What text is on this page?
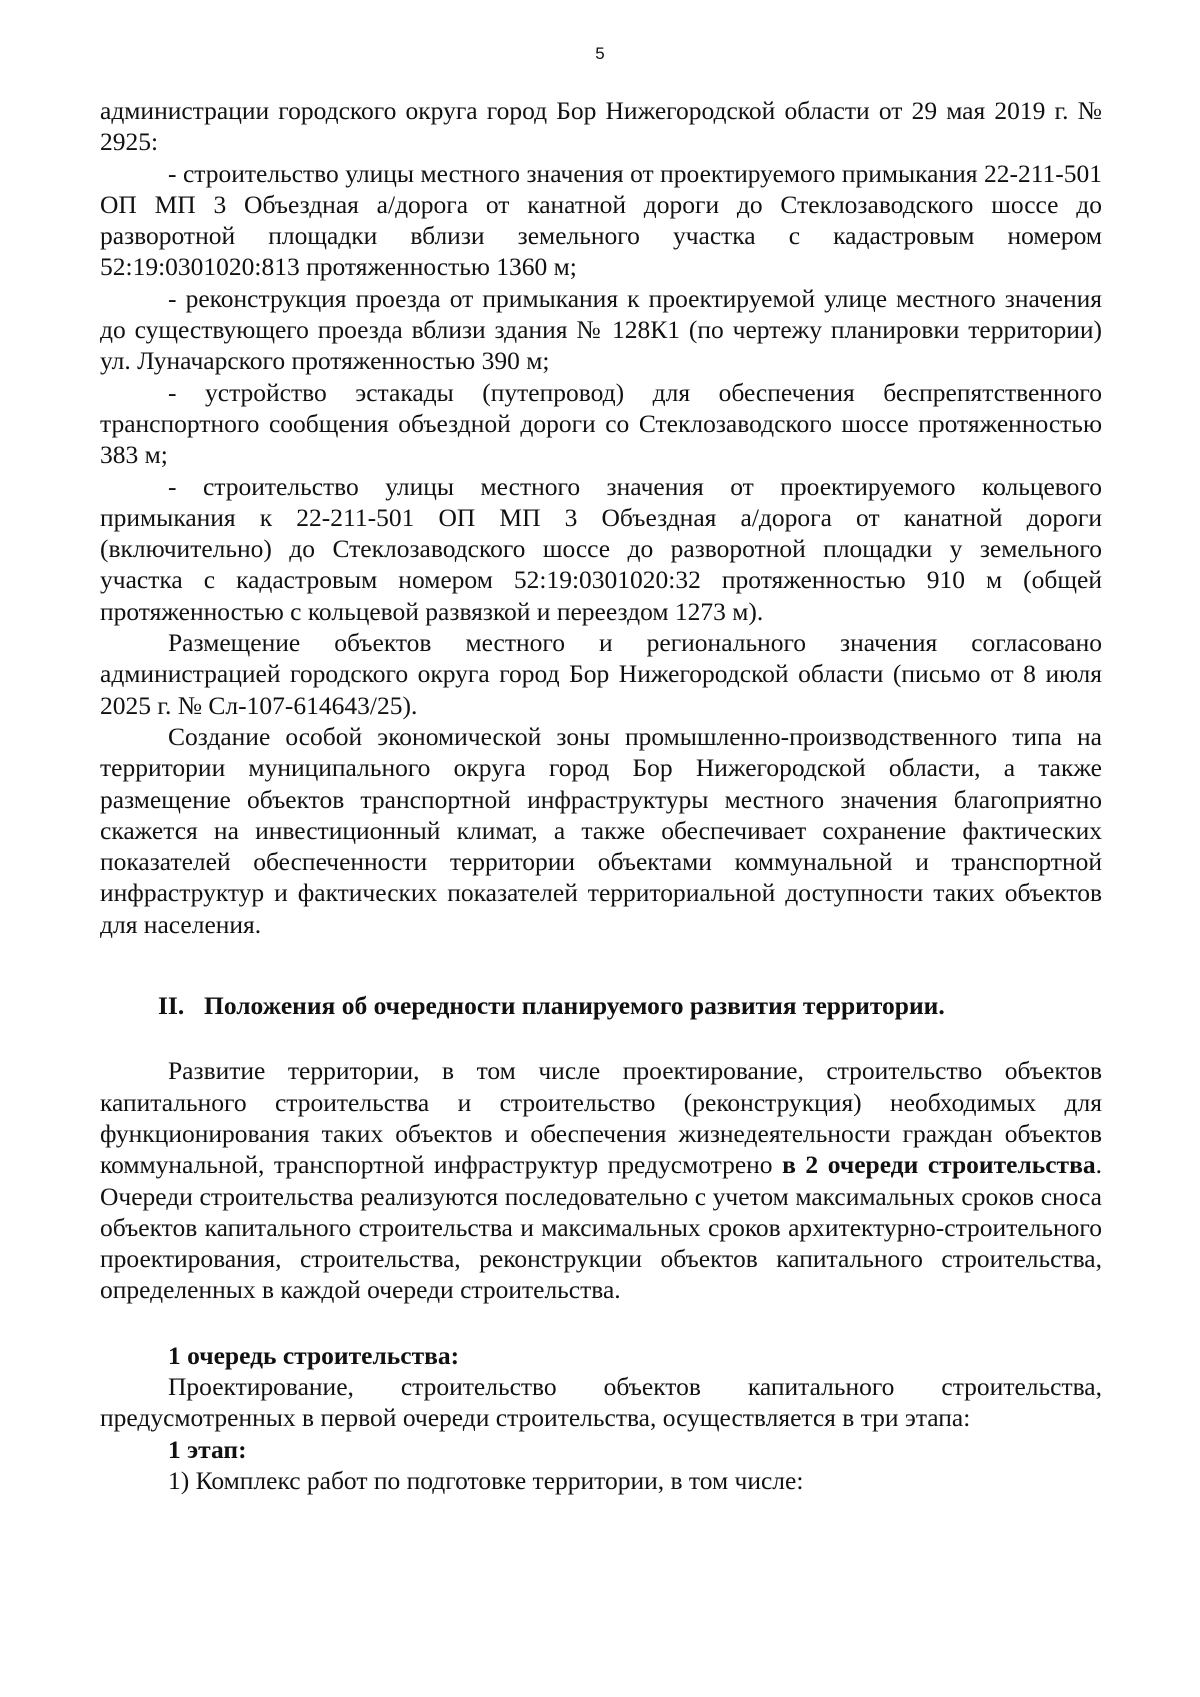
5

администрации городского округа город Бор Нижегородской области от 29 мая 2019 г. № 2925:

- строительство улицы местного значения от проектируемого примыкания 22-211-501 ОП МП 3 Объездная а/дорога от канатной дороги до Стеклозаводского шоссе до разворотной площадки вблизи земельного участка с кадастровым номером 52:19:0301020:813 протяженностью 1360 м;

- реконструкция проезда от примыкания к проектируемой улице местного значения до существующего проезда вблизи здания № 128К1 (по чертежу планировки территории) ул. Луначарского протяженностью 390 м;

- устройство эстакады (путепровод) для обеспечения беспрепятственного транспортного сообщения объездной дороги со Стеклозаводского шоссе протяженностью 383 м;

- строительство улицы местного значения от проектируемого кольцевого примыкания к 22-211-501 ОП МП 3 Объездная а/дорога от канатной дороги (включительно) до Стеклозаводского шоссе до разворотной площадки у земельного участка с кадастровым номером 52:19:0301020:32 протяженностью 910 м (общей протяженностью с кольцевой развязкой и переездом 1273 м).

Размещение объектов местного и регионального значения согласовано администрацией городского округа город Бор Нижегородской области (письмо от 8 июля 2025 г. № Сл-107-614643/25).

Создание особой экономической зоны промышленно-производственного типа на территории муниципального округа город Бор Нижегородской области, а также размещение объектов транспортной инфраструктуры местного значения благоприятно скажется на инвестиционный климат, а также обеспечивает сохранение фактических показателей обеспеченности территории объектами коммунальной и транспортной инфраструктур и фактических показателей территориальной доступности таких объектов для населения.

II. Положения об очередности планируемого развития территории.

Развитие территории, в том числе проектирование, строительство объектов капитального строительства и строительство (реконструкция) необходимых для функционирования таких объектов и обеспечения жизнедеятельности граждан объектов коммунальной, транспортной инфраструктур предусмотрено в 2 очереди строительства. Очереди строительства реализуются последовательно с учетом максимальных сроков сноса объектов капитального строительства и максимальных сроков архитектурно-строительного проектирования, строительства, реконструкции объектов капитального строительства, определенных в каждой очереди строительства.

1 очередь строительства:

Проектирование, строительство объектов капитального строительства, предусмотренных в первой очереди строительства, осуществляется в три этапа:

1 этап:

1) Комплекс работ по подготовке территории, в том числе:
